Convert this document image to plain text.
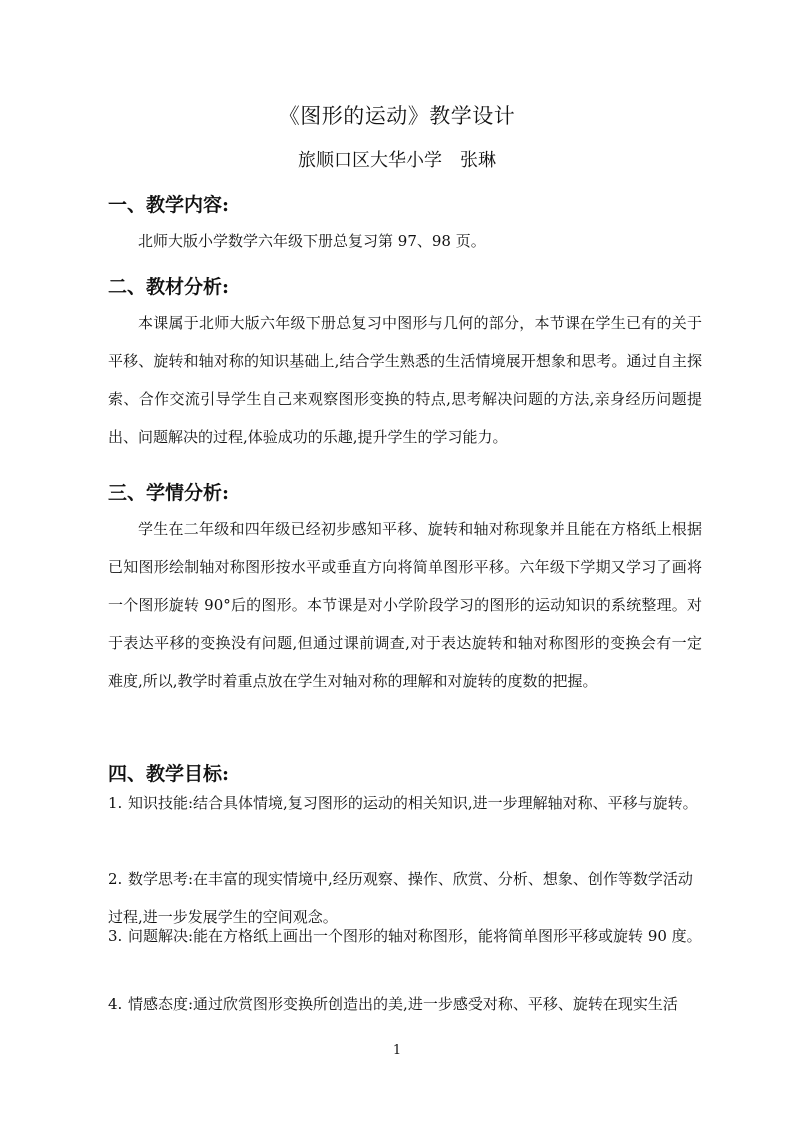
《图形的运动》教学设计
旅顺口区大华小学　张琳
一、教学内容:
北师大版小学数学六年级下册总复习第 97、98 页。
二、教材分析:
本课属于北师大版六年级下册总复习中图形与几何的部分，本节课在学生已有的关于平移、旋转和轴对称的知识基础上,结合学生熟悉的生活情境展开想象和思考。通过自主探索、合作交流引导学生自己来观察图形变换的特点,思考解决问题的方法,亲身经历问题提出、问题解决的过程,体验成功的乐趣,提升学生的学习能力。
三、学情分析:
学生在二年级和四年级已经初步感知平移、旋转和轴对称现象并且能在方格纸上根据已知图形绘制轴对称图形按水平或垂直方向将简单图形平移。六年级下学期又学习了画将一个图形旋转 90°后的图形。本节课是对小学阶段学习的图形的运动知识的系统整理。对于表达平移的变换没有问题,但通过课前调查,对于表达旋转和轴对称图形的变换会有一定难度,所以,教学时着重点放在学生对轴对称的理解和对旋转的度数的把握。
四、教学目标:
1. 知识技能:结合具体情境,复习图形的运动的相关知识,进一步理解轴对称、平移与旋转。
2. 数学思考:在丰富的现实情境中,经历观察、操作、欣赏、分析、想象、创作等数学活动过程,进一步发展学生的空间观念。
3. 问题解决:能在方格纸上画出一个图形的轴对称图形，能将简单图形平移或旋转 90 度。
4. 情感态度:通过欣赏图形变换所创造出的美,进一步感受对称、平移、旋转在现实生活
1
